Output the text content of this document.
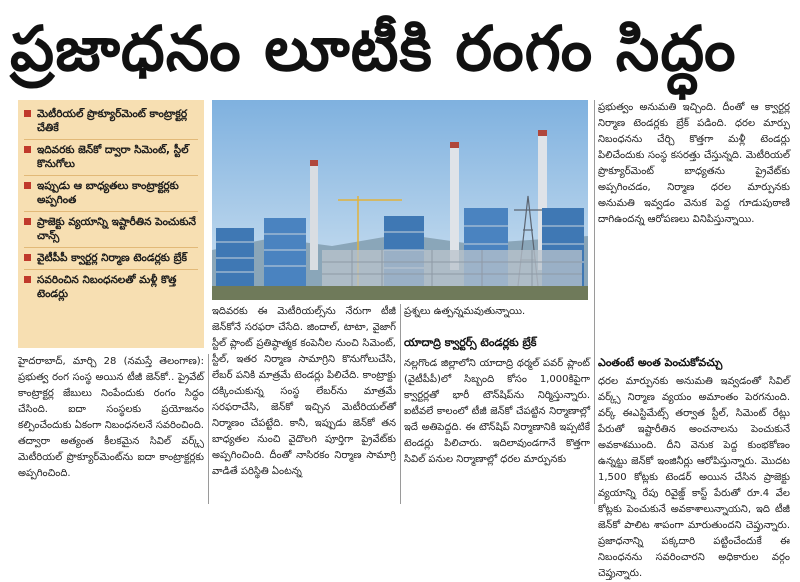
ప్రజాధనం లూటీకి రంగం సిద్ధం
మెటీరియల్ ప్రొక్యూర్‌మెంట్ కాంట్రాక్టర్ల చేతికే
ఇదివరకు జెన్‌కో ద్వారా సిమెంట్, స్టీల్ కొనుగోలు
ఇప్పుడు ఆ బాధ్యతలు కాంట్రాక్టర్లకు అప్పగింత
ప్రాజెక్టు వ్యయాన్ని ఇష్టారీతిన పెంచుకునే చాన్స్
వైటీపీపీ క్వార్టర్ల నిర్మాణ టెండర్లకు బ్రేక్
సవరించిన నిబంధనలతో మళ్లీ కొత్త టెండర్లు
హైదరాబాద్, మార్చి 28 (నమస్తే తెలంగాణ): ప్రభుత్వ రంగ సంస్థ అయిన టీజీ జెన్‌కో.. ప్రైవేట్ కాంట్రాక్టర్ల జేబులు నింపేందుకు రంగం సిద్ధం చేసింది. ఐదా సంస్థలకు ప్రయోజనం కల్పించేందుకు ఏకంగా నిబంధనలనే సవరించింది. తద్వారా అత్యంత కీలకమైన సివిల్ వర్క్స్ మెటీరియల్ ప్రొక్యూర్‌మెంట్‌ను ఐదా కాంట్రాక్టర్లకు అప్పగించింది.
ఇదివరకు ఈ మెటీరియల్స్‌ను నేరుగా టీజీ జెన్‌కోనే సరఫరా చేసేది. జిందాల్, టాటా, వైజాగ్ స్టీల్ ప్లాంట్ ప్రతిష్ఠాత్మక కంపెనీల నుంచి సిమెంట్, స్టీల్, ఇతర నిర్మాణ సామాగ్రిని కొనుగోలుచేసి, లేబర్ పనికి మాత్రమే టెండర్లు పిలిచేది. కాంట్రాక్టు దక్కించుకున్న సంస్థ లేబర్‌ను మాత్రమే సరఫరాచేసి, జెన్‌కో ఇచ్చిన మెటీరియల్‌తో నిర్మాణం చేపట్టేది. కానీ, ఇప్పుడు జెన్‌కో తన బాధ్యతల నుంచి వైదొలగి పూర్తిగా ప్రైవేట్‌కు అప్పగించింది. దీంతో నాసిరకం నిర్మాణ సామాగ్రి వాడితే పరిస్థితి ఏంటన్న
ప్రశ్నలు ఉత్పన్నమవుతున్నాయి.
యాదాద్రి క్వార్టర్స్ టెండర్లకు బ్రేక్
నల్లగొండ జిల్లాలోని యాదాద్రి థర్మల్ పవర్ ప్లాంట్ (వైటీపీపీ)లో సిబ్బంది కోసం 1,000కిపైగా క్వార్టర్లతో భారీ టౌన్‌షిప్‌ను నిర్మిస్తున్నారు. ఐటీవలే కాలంలో టీజీ జెన్‌కో చేపట్టిన నిర్మాణాల్లో ఇదే అతిపెద్దది. ఈ టౌన్‌షిప్ నిర్మాణానికి ఇప్పటికే టెండర్లు పిలిచారు. ఇదిలావుండగానే కొత్తగా సివిల్ పనుల నిర్మాణాల్లో ధరల మార్పునకు
ప్రభుత్వం అనుమతి ఇచ్చింది. దీంతో ఆ క్వార్టర్ల నిర్మాణ టెండర్లకు బ్రేక్ పడింది. ధరల మార్పు నిబంధనను చేర్చి కొత్తగా మళ్లీ టెండర్లు పిలిచేందుకు సంస్థ కసరత్తు చేస్తున్నది. మెటీరియల్ ప్రొక్యూర్‌మెంట్ బాధ్యతను ప్రైవేట్‌కు అప్పగించడం, నిర్మాణ ధరల మార్పునకు అనుమతి ఇవ్వడం వెనుక పెద్ద గూడుపుఠాణి దాగిఉందన్న ఆరోపణలు వినిపిస్తున్నాయి.
ఎంతంటే అంత పెంచుకోవచ్చు
ధరల మార్పునకు అనుమతి ఇవ్వడంతో సివిల్ వర్క్స్ నిర్మాణ వ్యయం అమాంతం పెరగనుంది. వర్క్ ఈఎస్టిమేట్స్ తర్వాత స్టీల్, సిమెంట్ రేట్లు పేరుతో ఇష్టారీతిన అంచనాలను పెంచుకునే అవకాశముంది. దీని వెనుక పెద్ద కుంభకోణం ఉన్నట్టు జెన్‌కో ఇంజినీర్లు ఆరోపిస్తున్నారు. మొదట 1,500 కోట్లకు టెండర్ అయిన చేసిన ప్రాజెక్టు వ్యయాన్ని రేపు రివైజ్డ్ కాస్ట్ పేరుతో రూ.4 వేల కోట్లకు పెంచుకునే అవకాశాలున్నాయని, ఇది టీజీ జెన్‌కో పాలిట శాపంగా మారుతుందని చెప్తున్నారు. ప్రజాధనాన్ని పక్కదారి పట్టించేందుకే ఈ నిబంధనను సవరించారని అధికారుల వర్గం చెప్తున్నారు.
